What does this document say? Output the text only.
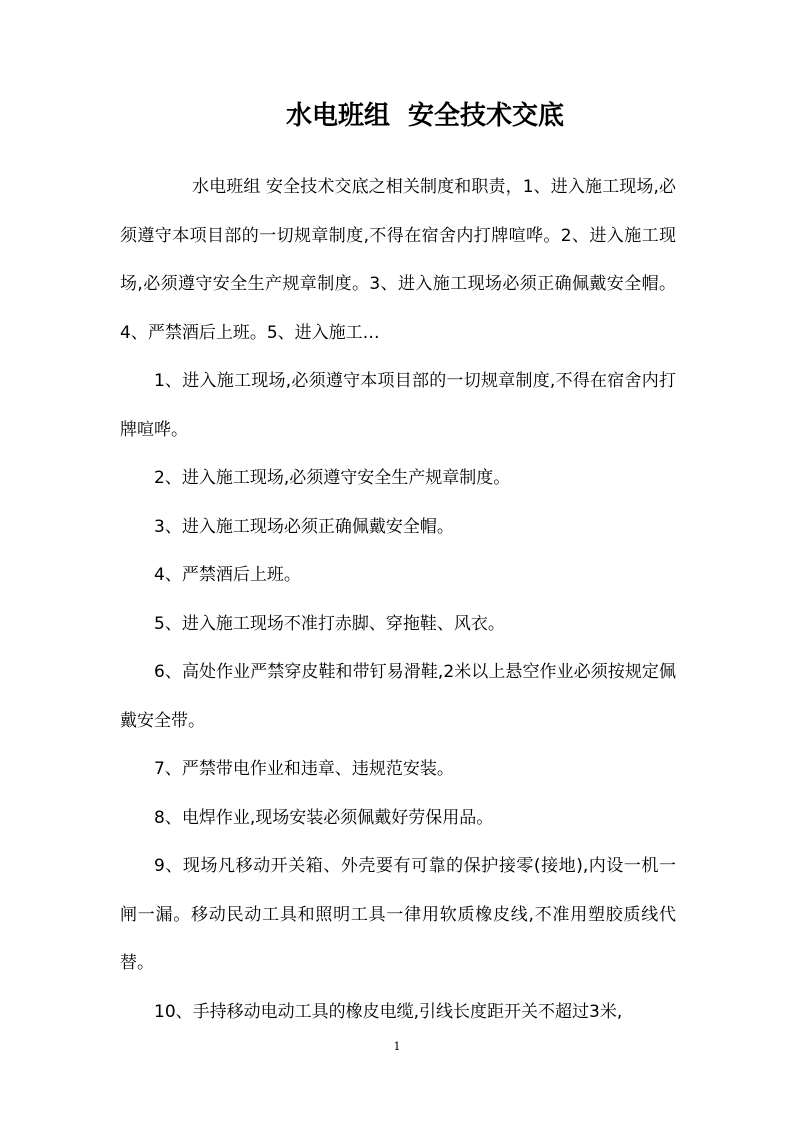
水电班组  安全技术交底

水电班组 安全技术交底之相关制度和职责，1、进入施工现场,必须遵守本项目部的一切规章制度,不得在宿舍内打牌喧哗。2、进入施工现场,必须遵守安全生产规章制度。3、进入施工现场必须正确佩戴安全帽。4、严禁酒后上班。5、进入施工…

1、进入施工现场,必须遵守本项目部的一切规章制度,不得在宿舍内打牌喧哗。

2、进入施工现场,必须遵守安全生产规章制度。

3、进入施工现场必须正确佩戴安全帽。

4、严禁酒后上班。

5、进入施工现场不准打赤脚、穿拖鞋、风衣。

6、高处作业严禁穿皮鞋和带钉易滑鞋,2米以上悬空作业必须按规定佩戴安全带。

7、严禁带电作业和违章、违规范安装。

8、电焊作业,现场安装必须佩戴好劳保用品。

9、现场凡移动开关箱、外壳要有可靠的保护接零(接地),内设一机一闸一漏。移动民动工具和照明工具一律用软质橡皮线,不准用塑胶质线代替。

10、手持移动电动工具的橡皮电缆,引线长度距开关不超过3米,

1
